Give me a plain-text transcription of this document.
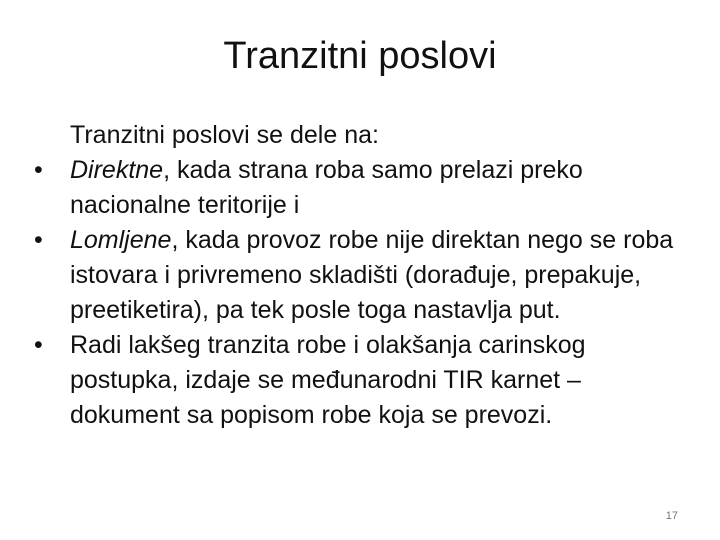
Tranzitni poslovi

Tranzitni poslovi se dele na:

•	Direktne, kada strana roba samo prelazi preko nacionalne teritorije i
•	Lomljene, kada provoz robe nije direktan nego se roba istovara i privremeno skladišti (dorađuje, prepakuje, preetiketira), pa tek posle toga nastavlja put.
•	Radi lakšeg tranzita robe i olakšanja carinskog postupka, izdaje se međunarodni TIR karnet – dokument sa popisom robe koja se prevozi.
17
